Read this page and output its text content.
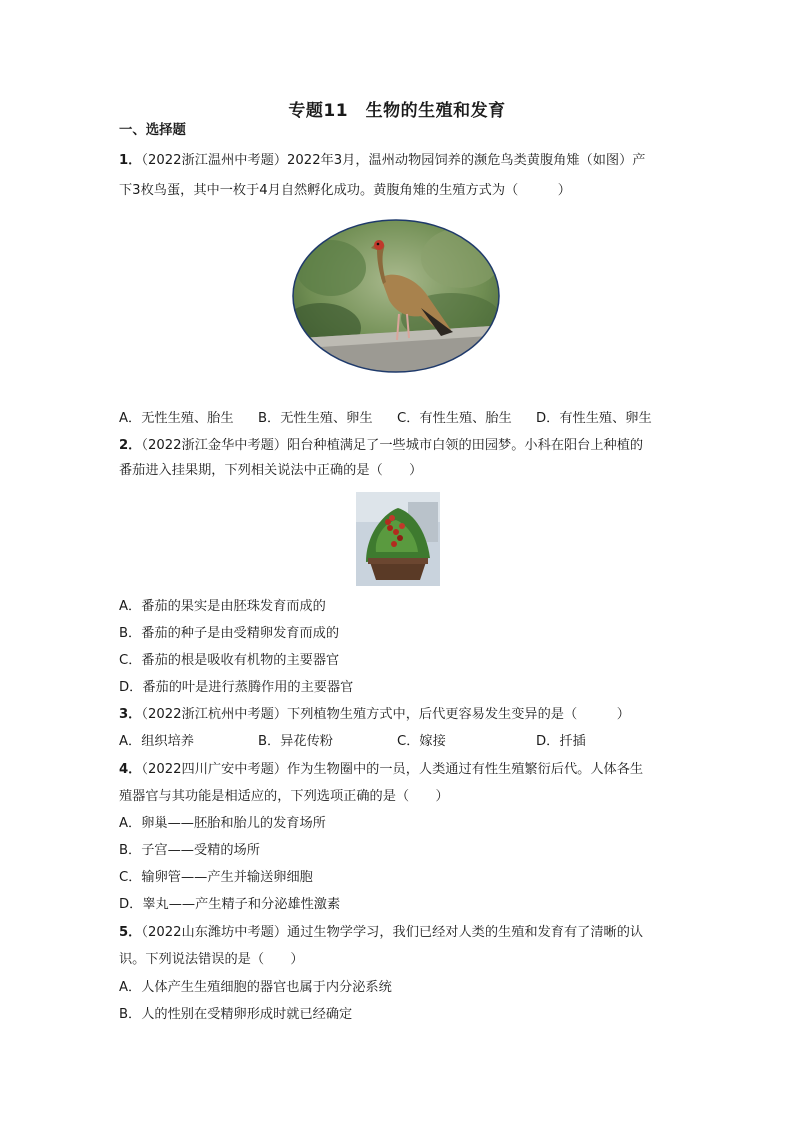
专题11　生物的生殖和发育
一、选择题
1．（2022浙江温州中考题）2022年3月，温州动物园饲养的濒危鸟类黄腹角雉（如图）产
下3枚鸟蛋，其中一枚于4月自然孵化成功。黄腹角雉的生殖方式为（　　　）
A．无性生殖、胎生 B．无性生殖、卵生 C．有性生殖、胎生 D．有性生殖、卵生
2．（2022浙江金华中考题）阳台种植满足了一些城市白领的田园梦。小科在阳台上种植的
番茄进入挂果期，下列相关说法中正确的是（　　）
A．番茄的果实是由胚珠发育而成的
B．番茄的种子是由受精卵发育而成的
C．番茄的根是吸收有机物的主要器官
D．番茄的叶是进行蒸腾作用的主要器官
3．（2022浙江杭州中考题）下列植物生殖方式中，后代更容易发生变异的是（　　　）
A．组织培养	B．异花传粉	C．嫁接	D．扦插
4．（2022四川广安中考题）作为生物圈中的一员，人类通过有性生殖繁衍后代。人体各生
殖器官与其功能是相适应的，下列选项正确的是（　　）
A．卵巢——胚胎和胎儿的发育场所
B．子宫——受精的场所
C．输卵管——产生并输送卵细胞
D．睾丸——产生精子和分泌雄性激素
5．（2022山东潍坊中考题）通过生物学学习，我们已经对人类的生殖和发育有了清晰的认
识。下列说法错误的是（　　）
A．人体产生生殖细胞的器官也属于内分泌系统
B．人的性别在受精卵形成时就已经确定
